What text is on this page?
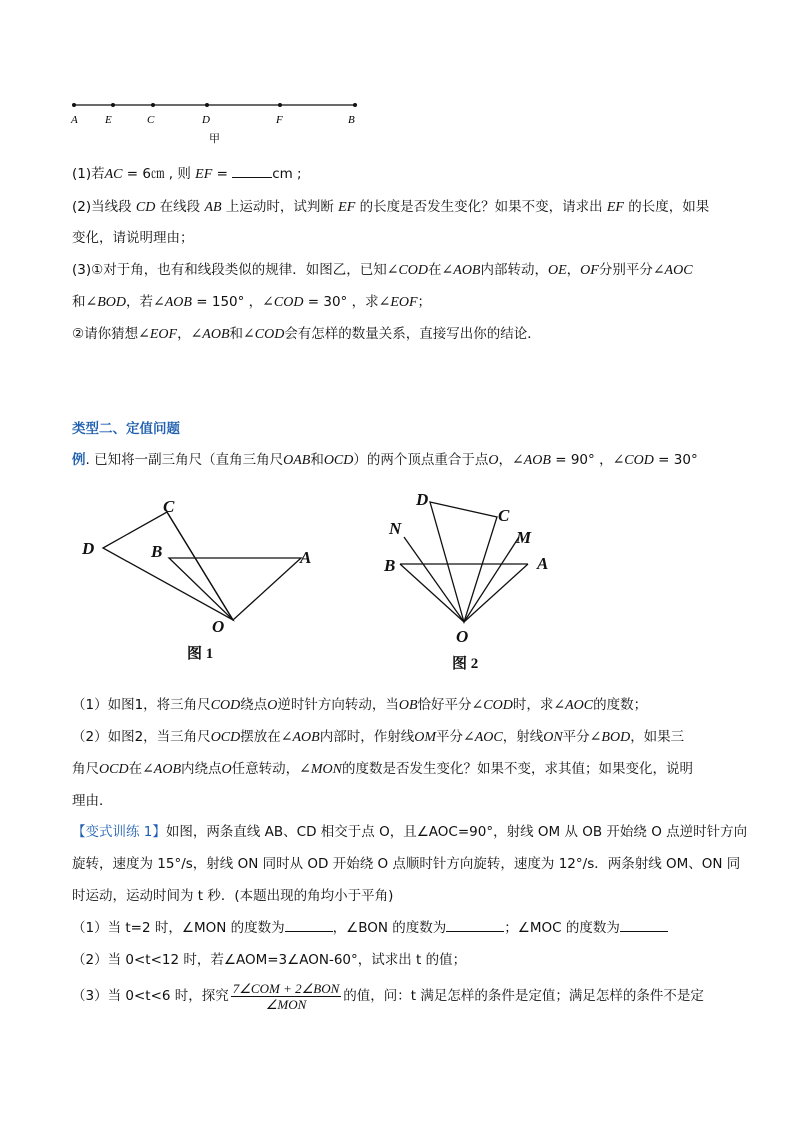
A E	C	D	F	B
甲
(1)若AC = 6㎝ , 则 EF =	cm ;
(2)当线段 CD 在线段 AB 上运动时，试判断 EF 的长度是否发生变化？如果不变，请求出 EF 的长度，如果
变化，请说明理由；
(3)①对于角，也有和线段类似的规律．如图乙，已知∠COD在∠AOB内部转动，OE，OF分别平分∠AOC
和∠BOD，若∠AOB = 150° ，∠COD = 30° ，求∠EOF；
②请你猜想∠EOF，∠AOB和∠COD会有怎样的数量关系，直接写出你的结论．
类型二、定值问题
例. 已知将一副三角尺（直角三角尺OAB和OCD）的两个顶点重合于点O，∠AOB = 90° ，∠COD = 30°
C
D	B	A
O
图 1
D
C
N	M
B	A
O
图 2
（1）如图1，将三角尺COD绕点O逆时针方向转动，当OB恰好平分∠COD时，求∠AOC的度数；
（2）如图2，当三角尺OCD摆放在∠AOB内部时，作射线OM平分∠AOC，射线ON平分∠BOD，如果三
角尺OCD在∠AOB内绕点O任意转动，∠MON的度数是否发生变化？如果不变，求其值；如果变化，说明
理由．
【变式训练 1】如图，两条直线 AB、CD 相交于点 O，且∠AOC=90°，射线 OM 从 OB 开始绕 O 点逆时针方向
旋转，速度为 15°/s，射线 ON 同时从 OD 开始绕 O 点顺时针方向旋转，速度为 12°/s．两条射线 OM、ON 同
时运动，运动时间为 t 秒．(本题出现的角均小于平角)
（1）当 t=2 时，∠MON 的度数为	，∠BON 的度数为	；∠MOC 的度数为
（2）当 0<t<12 时，若∠AOM=3∠AON-60°，试求出 t 的值；
（3）当 0<t<6 时，探究 $\frac{\text{7∠COM + 2∠BON}}{\text{∠MON}}$ 的值，问：t 满足怎样的条件是定值；满足怎样的条件不是定
